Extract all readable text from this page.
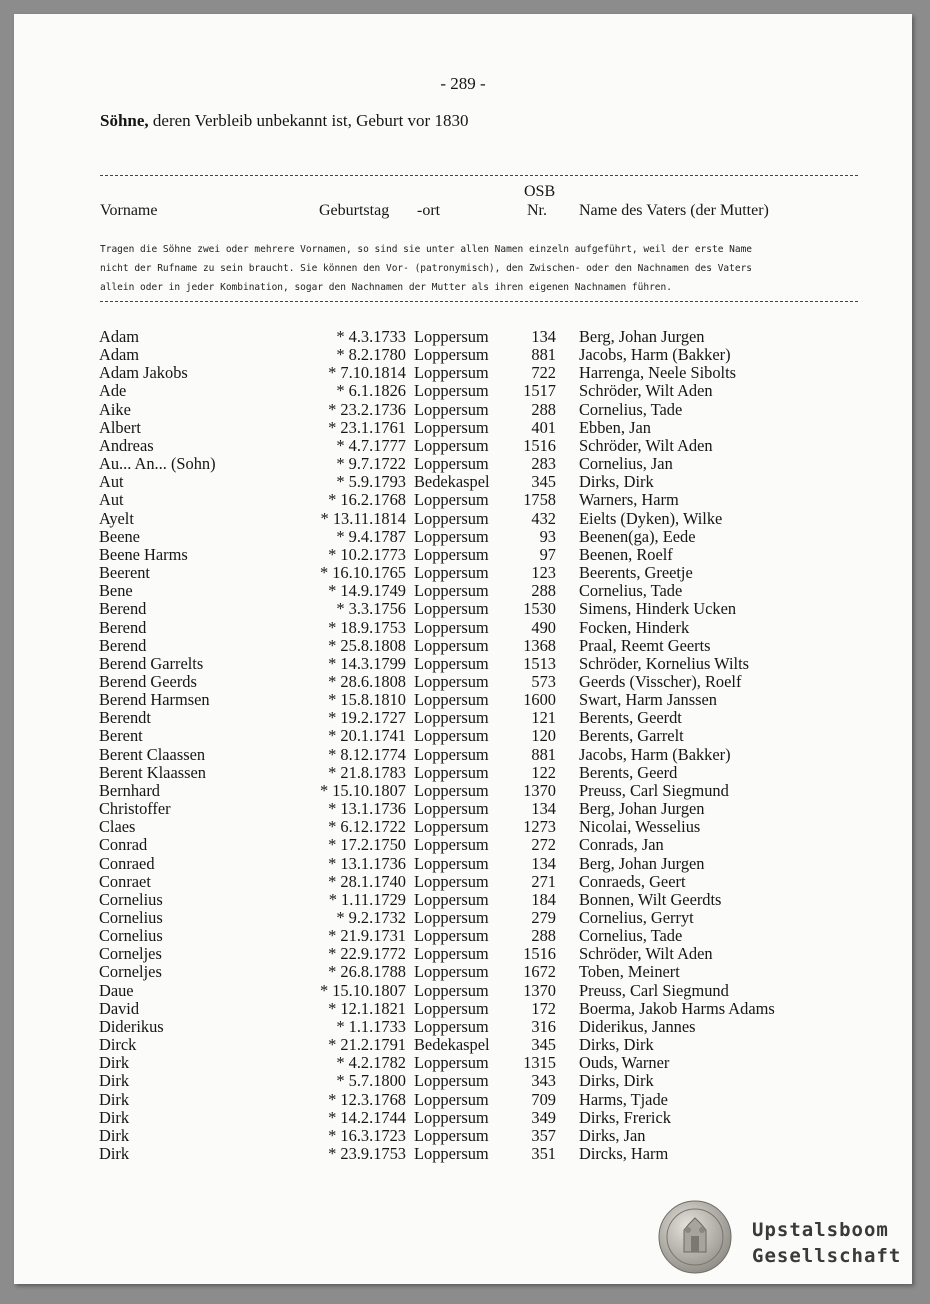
- 289 -
Söhne, deren Verbleib unbekannt ist, Geburt vor 1830
Vorname	Geburtstag -ort
OSB
Nr. Name des Vaters (der Mutter)
Tragen die Söhne zwei oder mehrere Vornamen, so sind sie unter allen Namen einzeln aufgeführt, weil der erste Name
nicht der Rufname zu sein braucht. Sie können den Vor- (patronymisch), den Zwischen- oder den Nachnamen des Vaters
allein oder in jeder Kombination, sogar den Nachnamen der Mutter als ihren eigenen Nachnamen führen.
Adam	* 4.3.1733 Loppersum	134 Berg, Johan Jurgen
Adam	* 8.2.1780 Loppersum	881 Jacobs, Harm (Bakker)
Adam Jakobs	* 7.10.1814 Loppersum	722 Harrenga, Neele Sibolts
Ade	* 6.1.1826 Loppersum	1517 Schröder, Wilt Aden
Aike	* 23.2.1736 Loppersum	288 Cornelius, Tade
Albert	* 23.1.1761 Loppersum	401 Ebben, Jan
Andreas	* 4.7.1777 Loppersum	1516 Schröder, Wilt Aden
Au... An... (Sohn)	* 9.7.1722 Loppersum	283 Cornelius, Jan
Aut	* 5.9.1793 Bedekaspel	345 Dirks, Dirk
Aut	* 16.2.1768 Loppersum	1758 Warners, Harm
Ayelt	* 13.11.1814 Loppersum	432 Eielts (Dyken), Wilke
Beene	* 9.4.1787 Loppersum	93 Beenen(ga), Eede
Beene Harms	* 10.2.1773 Loppersum	97 Beenen, Roelf
Beerent	* 16.10.1765 Loppersum	123 Beerents, Greetje
Bene	* 14.9.1749 Loppersum	288 Cornelius, Tade
Berend	* 3.3.1756 Loppersum	1530 Simens, Hinderk Ucken
Berend	* 18.9.1753 Loppersum	490 Focken, Hinderk
Berend	* 25.8.1808 Loppersum	1368 Praal, Reemt Geerts
Berend Garrelts	* 14.3.1799 Loppersum	1513 Schröder, Kornelius Wilts
Berend Geerds	* 28.6.1808 Loppersum	573 Geerds (Visscher), Roelf
Berend Harmsen	* 15.8.1810 Loppersum	1600 Swart, Harm Janssen
Berendt	* 19.2.1727 Loppersum	121 Berents, Geerdt
Berent	* 20.1.1741 Loppersum	120 Berents, Garrelt
Berent Claassen	* 8.12.1774 Loppersum	881 Jacobs, Harm (Bakker)
Berent Klaassen	* 21.8.1783 Loppersum	122 Berents, Geerd
Bernhard	* 15.10.1807 Loppersum	1370 Preuss, Carl Siegmund
Christoffer	* 13.1.1736 Loppersum	134 Berg, Johan Jurgen
Claes	* 6.12.1722 Loppersum	1273 Nicolai, Wesselius
Conrad	* 17.2.1750 Loppersum	272 Conrads, Jan
Conraed	* 13.1.1736 Loppersum	134 Berg, Johan Jurgen
Conraet	* 28.1.1740 Loppersum	271 Conraeds, Geert
Cornelius	* 1.11.1729 Loppersum	184 Bonnen, Wilt Geerdts
Cornelius	* 9.2.1732 Loppersum	279 Cornelius, Gerryt
Cornelius	* 21.9.1731 Loppersum	288 Cornelius, Tade
Corneljes	* 22.9.1772 Loppersum	1516 Schröder, Wilt Aden
Corneljes	* 26.8.1788 Loppersum	1672 Toben, Meinert
Daue	* 15.10.1807 Loppersum	1370 Preuss, Carl Siegmund
David	* 12.1.1821 Loppersum	172 Boerma, Jakob Harms Adams
Diderikus	* 1.1.1733 Loppersum	316 Diderikus, Jannes
Dirck	* 21.2.1791 Bedekaspel	345 Dirks, Dirk
Dirk	* 4.2.1782 Loppersum	1315 Ouds, Warner
Dirk	* 5.7.1800 Loppersum	343 Dirks, Dirk
Dirk	* 12.3.1768 Loppersum	709 Harms, Tjade
Dirk	* 14.2.1744 Loppersum	349 Dirks, Frerick
Dirk	* 16.3.1723 Loppersum	357 Dirks, Jan
Dirk	* 23.9.1753 Loppersum	351 Dircks, Harm
Upstalsboom
Gesellschaft
